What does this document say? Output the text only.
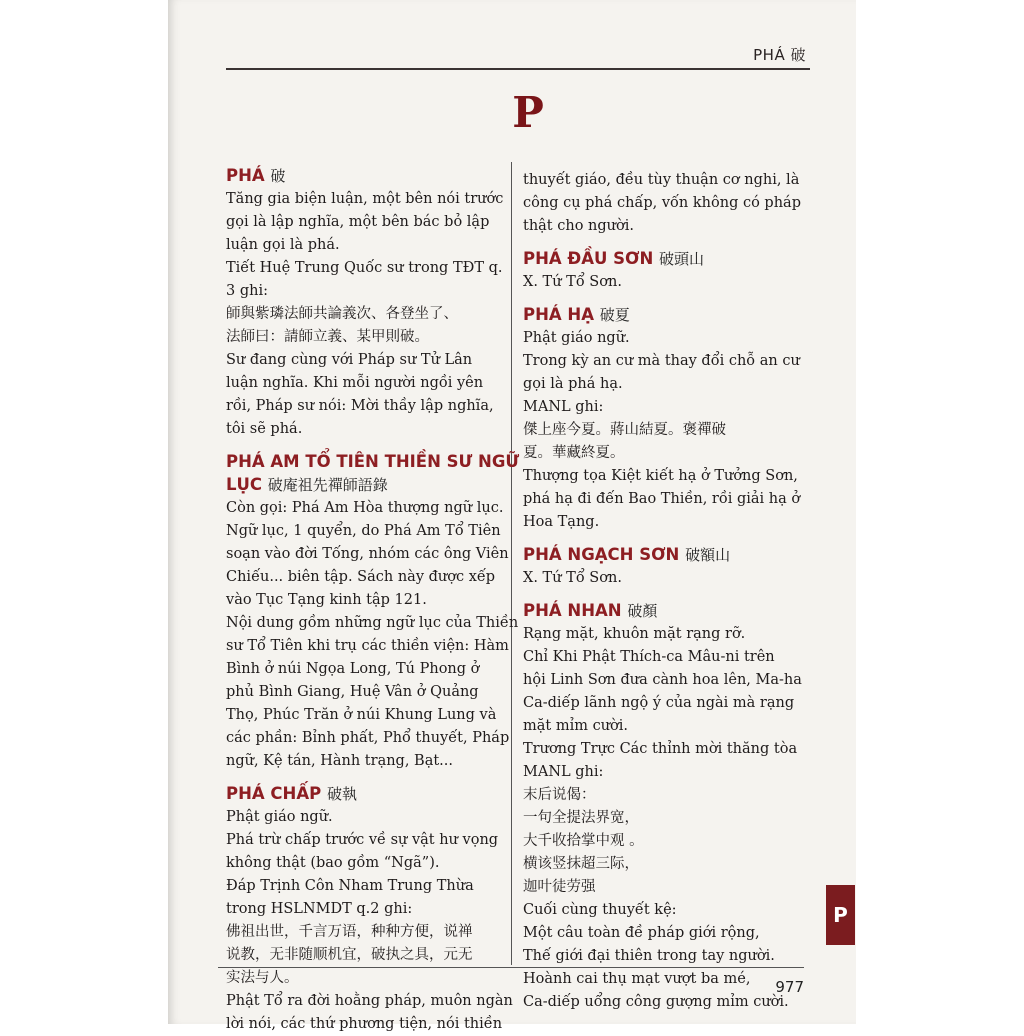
PHÁ 破
P
PHÁ 破
Tăng gia biện luận, một bên nói trước
gọi là lập nghĩa, một bên bác bỏ lập
luận gọi là phá.
Tiết Huệ Trung Quốc sư trong TĐT q.
3 ghi:
師與紫璘法師共論義次、各登坐了、
法師曰：請師立義、某甲則破。
Sư đang cùng với Pháp sư Tử Lân
luận nghĩa. Khi mỗi người ngồi yên
rồi, Pháp sư nói: Mời thầy lập nghĩa,
tôi sẽ phá.
PHÁ AM TỔ TIÊN THIỀN SƯ NGỮ
LỤC 破庵祖先禪師語錄
Còn gọi: Phá Am Hòa thượng ngữ lục.
Ngữ lục, 1 quyển, do Phá Am Tổ Tiên
soạn vào đời Tống, nhóm các ông Viên
Chiếu... biên tập. Sách này được xếp
vào Tục Tạng kinh tập 121.
Nội dung gồm những ngữ lục của Thiền
sư Tổ Tiên khi trụ các thiền viện: Hàm
Bình ở núi Ngọa Long, Tú Phong ở
phủ Bình Giang, Huệ Vân ở Quảng
Thọ, Phúc Trăn ở núi Khung Lung và
các phần: Bỉnh phất, Phổ thuyết, Pháp
ngữ, Kệ tán, Hành trạng, Bạt...
PHÁ CHẤP 破執
Phật giáo ngữ.
Phá trừ chấp trước về sự vật hư vọng
không thật (bao gồm “Ngã”).
Đáp Trịnh Côn Nham Trung Thừa
trong HSLNMDT q.2 ghi:
佛祖出世，千言万语，种种方便，说禅
说教，无非随顺机宜，破执之具，元无
实法与人。
Phật Tổ ra đời hoằng pháp, muôn ngàn
lời nói, các thứ phương tiện, nói thiền
thuyết giáo, đều tùy thuận cơ nghi, là
công cụ phá chấp, vốn không có pháp
thật cho người.
PHÁ ĐẦU SƠN 破頭山
X. Tứ Tổ Sơn.
PHÁ HẠ 破夏
Phật giáo ngữ.
Trong kỳ an cư mà thay đổi chỗ an cư
gọi là phá hạ.
MANL ghi:
傑上座今夏。蔣山結夏。褒禪破
夏。華藏終夏。
Thượng tọa Kiệt kiết hạ ở Tưởng Sơn,
phá hạ đi đến Bao Thiền, rồi giải hạ ở
Hoa Tạng.
PHÁ NGẠCH SƠN 破額山
X. Tứ Tổ Sơn.
PHÁ NHAN 破顏
Rạng mặt, khuôn mặt rạng rỡ.
Chỉ Khi Phật Thích-ca Mâu-ni trên
hội Linh Sơn đưa cành hoa lên, Ma-ha
Ca-diếp lãnh ngộ ý của ngài mà rạng
mặt mỉm cười.
Trương Trực Các thỉnh mời thăng tòa
MANL ghi:
末后说偈：
一句全提法界宽，
大千收拾掌中观 。
横该竖抹超三际，
迦叶徒劳强
Cuối cùng thuyết kệ:
Một câu toàn đề pháp giới rộng,
Thế giới đại thiên trong tay người.
Hoành cai thụ mạt vượt ba mé,
Ca-diếp uổng công gượng mỉm cười.
P
977
